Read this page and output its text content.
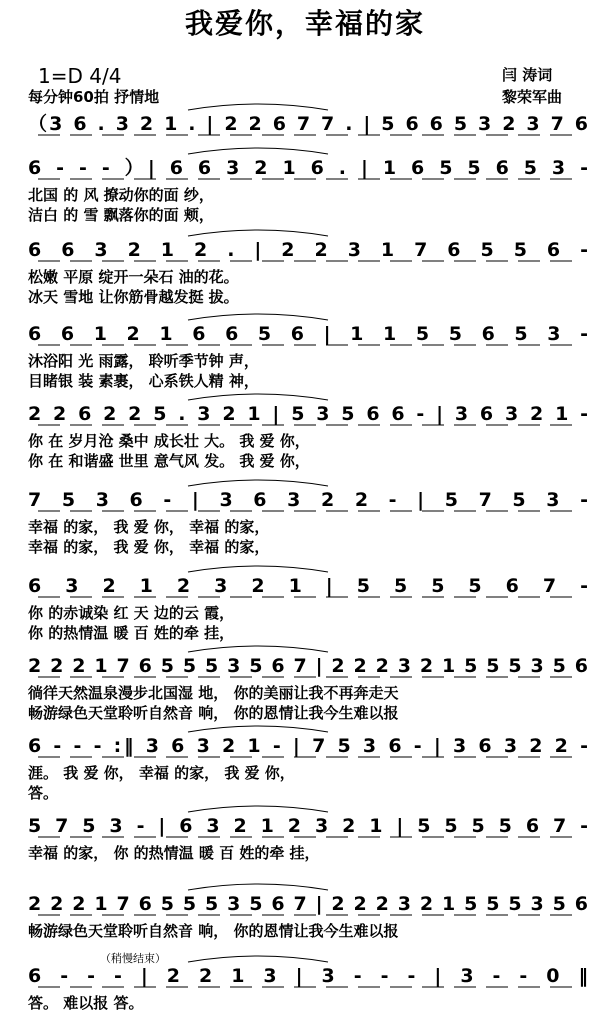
我爱你，幸福的家
1=D 4/4
每分钟60拍 抒情地
闫 涛词
黎荣军曲
（3 6 . 3 2 1 . | 2 2 6 7 7 . | 5 6 6 5 3 2 3 7 6
6 - - - ）| 6 6 3 2 1 6 . | 1 6 5 5 6 5 3 -
北国 的 风 撩动你的面 纱，
洁白 的 雪 飘落你的面 颊，
6 6 3 2 1 2 . | 2 2 3 1 7 6 5 5 6 -
松嫩 平原 绽开一朵石 油的花。
冰天 雪地 让你筋骨越发挺 拔。
6 6 1 2 1 6 6 5 6 | 1 1 5 5 6 5 3 -
沐浴阳 光 雨露， 聆听季节钟 声，
目睹银 装 素裹， 心系铁人精 神，
2 2 6 2 2 5 . 3 2 1 | 5 3 5 6 6 - | 3 6 3 2 1 -
你 在 岁月沧 桑中 成长壮 大。 我 爱 你，
你 在 和谐盛 世里 意气风 发。 我 爱 你，
7 5 3 6 - | 3 6 3 2 2 - | 5 7 5 3 -
幸福 的家， 我 爱 你， 幸福 的家，
幸福 的家， 我 爱 你， 幸福 的家，
6 3 2 1 2 3 2 1 | 5 5 5 5 6 7 -
你 的赤诚染 红 天 边的云 霞，
你 的热情温 暖 百 姓的牵 挂，
2 2 2 1 7 6 5 5 5 3 5 6 7 | 2 2 2 3 2 1 5 5 5 3 5 6
徜徉天然温泉漫步北国湿 地， 你的美丽让我不再奔走天
畅游绿色天堂聆听自然音 响， 你的恩情让我今生难以报
6 - - - :‖ 3 6 3 2 1 - | 7 5 3 6 - | 3 6 3 2 2 -
涯。 我 爱 你， 幸福 的家， 我 爱 你，
答。
5 7 5 3 - | 6 3 2 1 2 3 2 1 | 5 5 5 5 6 7 -
幸福 的家， 你 的热情温 暖 百 姓的牵 挂，
2 2 2 1 7 6 5 5 5 3 5 6 7 | 2 2 2 3 2 1 5 5 5 3 5 6
畅游绿色天堂聆听自然音 响， 你的恩情让我今生难以报
6 - - - | 2 2 1 3 | 3 - - - | 3 - - 0 ‖
答。 难以报 答。
（稍慢结束）
